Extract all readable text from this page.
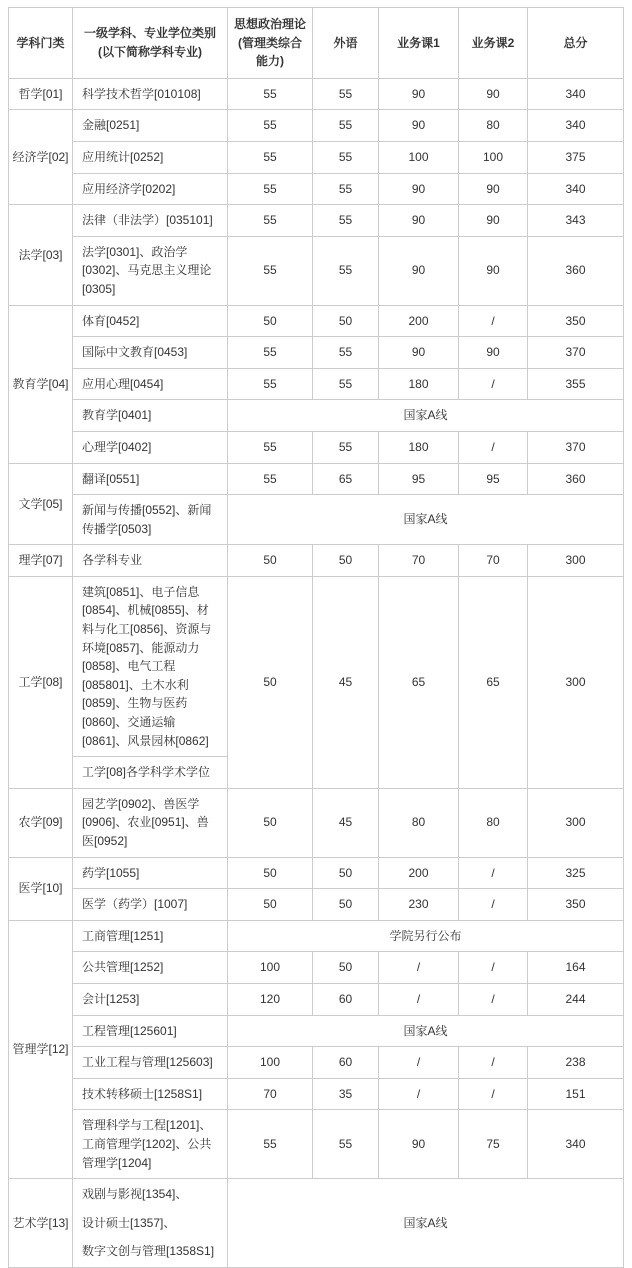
学科门类	一级学科、专业学位类别(以下简称学科专业)	思想政治理论(管理类综合能力)	外语	业务课1	业务课2	总分
哲学[01]	科学技术哲学[010108]	55	55	90	90	340
经济学[02]	金融[0251]	55	55	90	80	340
	应用统计[0252]	55	55	100	100	375
	应用经济学[0202]	55	55	90	90	340
法学[03]	法律（非法学）[035101]	55	55	90	90	343
	法学[0301]、政治学[0302]、马克思主义理论[0305]	55	55	90	90	360
教育学[04]	体育[0452]	50	50	200	/	350
	国际中文教育[0453]	55	55	90	90	370
	应用心理[0454]	55	55	180	/	355
	教育学[0401]	国家A线				
	心理学[0402]	55	55	180	/	370
文学[05]	翻译[0551]	55	65	95	95	360
	新闻与传播[0552]、新闻传播学[0503]	国家A线				
理学[07]	各学科专业	50	50	70	70	300
工学[08]	建筑[0851]、电子信息[0854]、机械[0855]、材料与化工[0856]、资源与环境[0857]、能源动力[0858]、电气工程[085801]、土木水利[0859]、生物与医药[0860]、交通运输[0861]、风景园林[0862]	50	45	65	65	300
	工学[08]各学科学术学位					
农学[09]	园艺学[0902]、兽医学[0906]、农业[0951]、兽医[0952]	50	45	80	80	300
医学[10]	药学[1055]	50	50	200	/	325
	医学（药学）[1007]	50	50	230	/	350
管理学[12]	工商管理[1251]	学院另行公布				
	公共管理[1252]	100	50	/	/	164
	会计[1253]	120	60	/	/	244
	工程管理[125601]	国家A线				
	工业工程与管理[125603]	100	60	/	/	238
	技术转移硕士[1258S1]	70	35	/	/	151
	管理科学与工程[1201]、工商管理学[1202]、公共管理学[1204]	55	55	90	75	340
艺术学[13]	戏剧与影视[1354]、
设计硕士[1357]、
数字文创与管理[1358S1]	国家A线				
